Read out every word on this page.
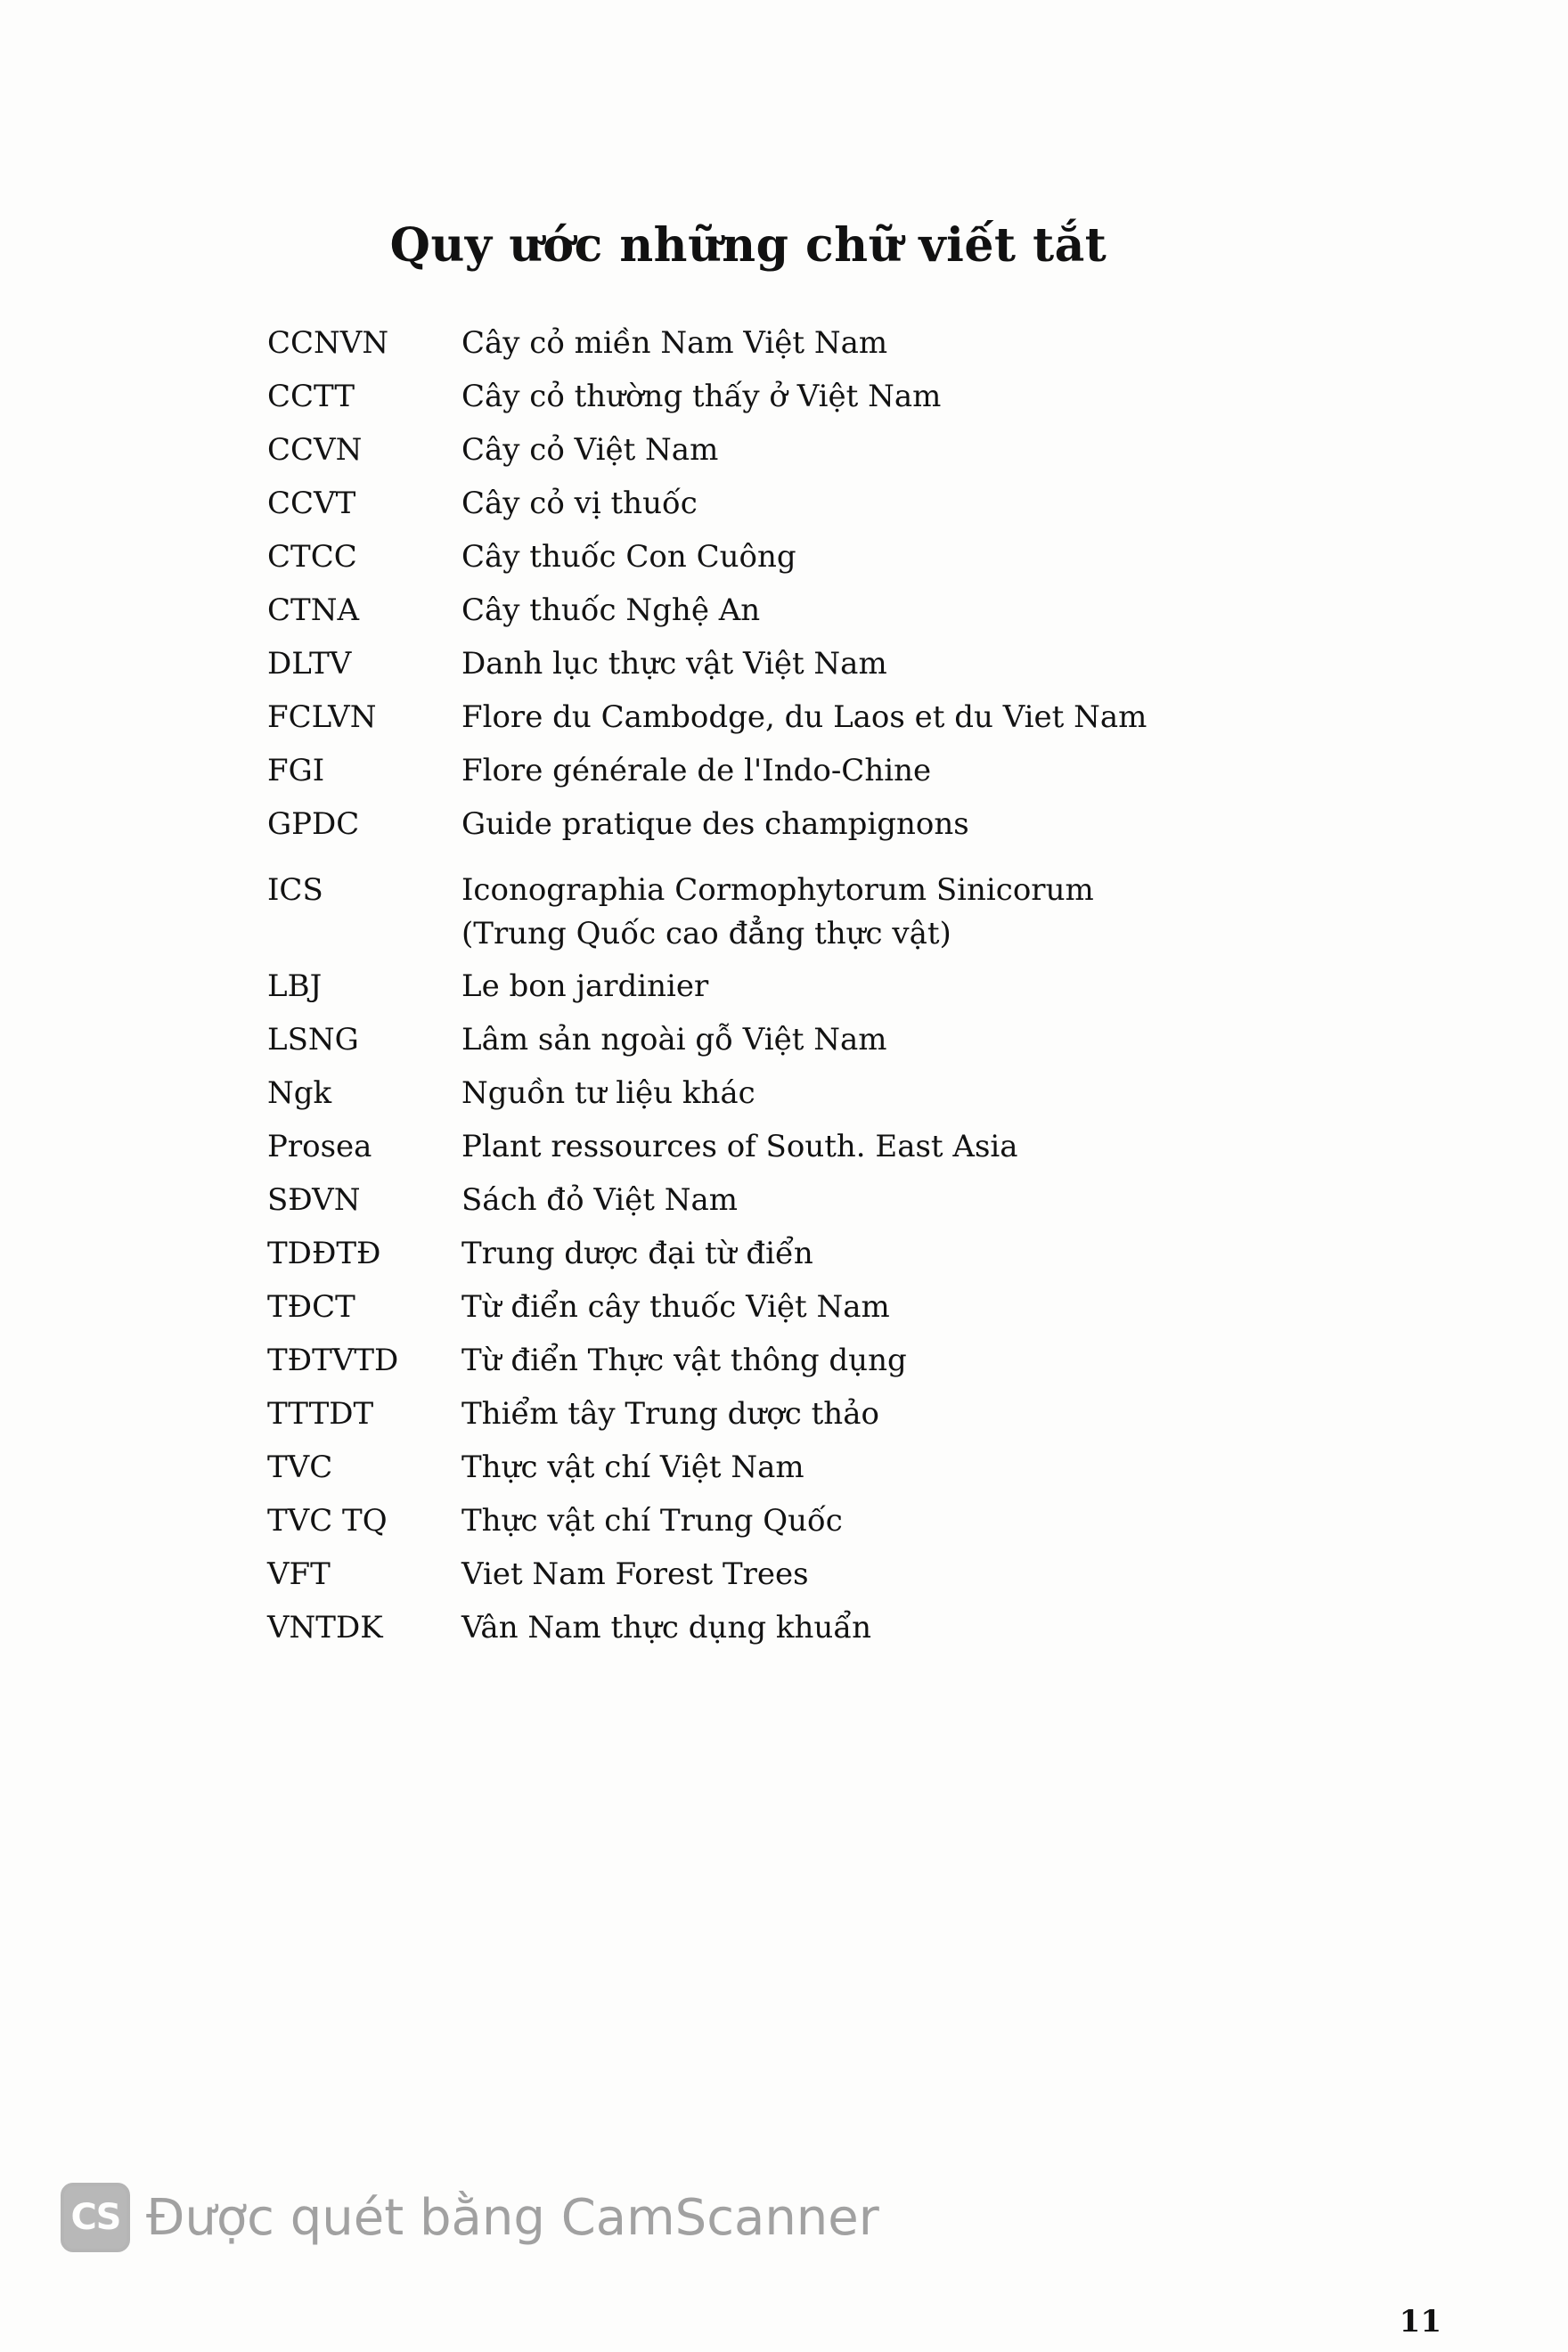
Quy ước những chữ viết tắt
CCNVN	Cây cỏ miền Nam Việt Nam
CCTT	Cây cỏ thường thấy ở Việt Nam
CCVN	Cây cỏ Việt Nam
CCVT	Cây cỏ vị thuốc
CTCC	Cây thuốc Con Cuông
CTNA	Cây thuốc Nghệ An
DLTV	Danh lục thực vật Việt Nam
FCLVN	Flore du Cambodge, du Laos et du Viet Nam
FGI	Flore générale de l'Indo-Chine
GPDC	Guide pratique des champignons
ICS	Iconographia Cormophytorum Sinicorum
(Trung Quốc cao đẳng thực vật)
LBJ	Le bon jardinier
LSNG	Lâm sản ngoài gỗ Việt Nam
Ngk	Nguồn tư liệu khác
Prosea	Plant ressources of South. East Asia
SĐVN	Sách đỏ Việt Nam
TDĐTĐ	Trung dược đại từ điển
TĐCT	Từ điển cây thuốc Việt Nam
TĐTVTD	Từ điển Thực vật thông dụng
TTTDT	Thiểm tây Trung dược thảo
TVC	Thực vật chí Việt Nam
TVC TQ	Thực vật chí Trung Quốc
VFT	Viet Nam Forest Trees
VNTDK	Vân Nam thực dụng khuẩn
CS Được quét bằng CamScanner
11
